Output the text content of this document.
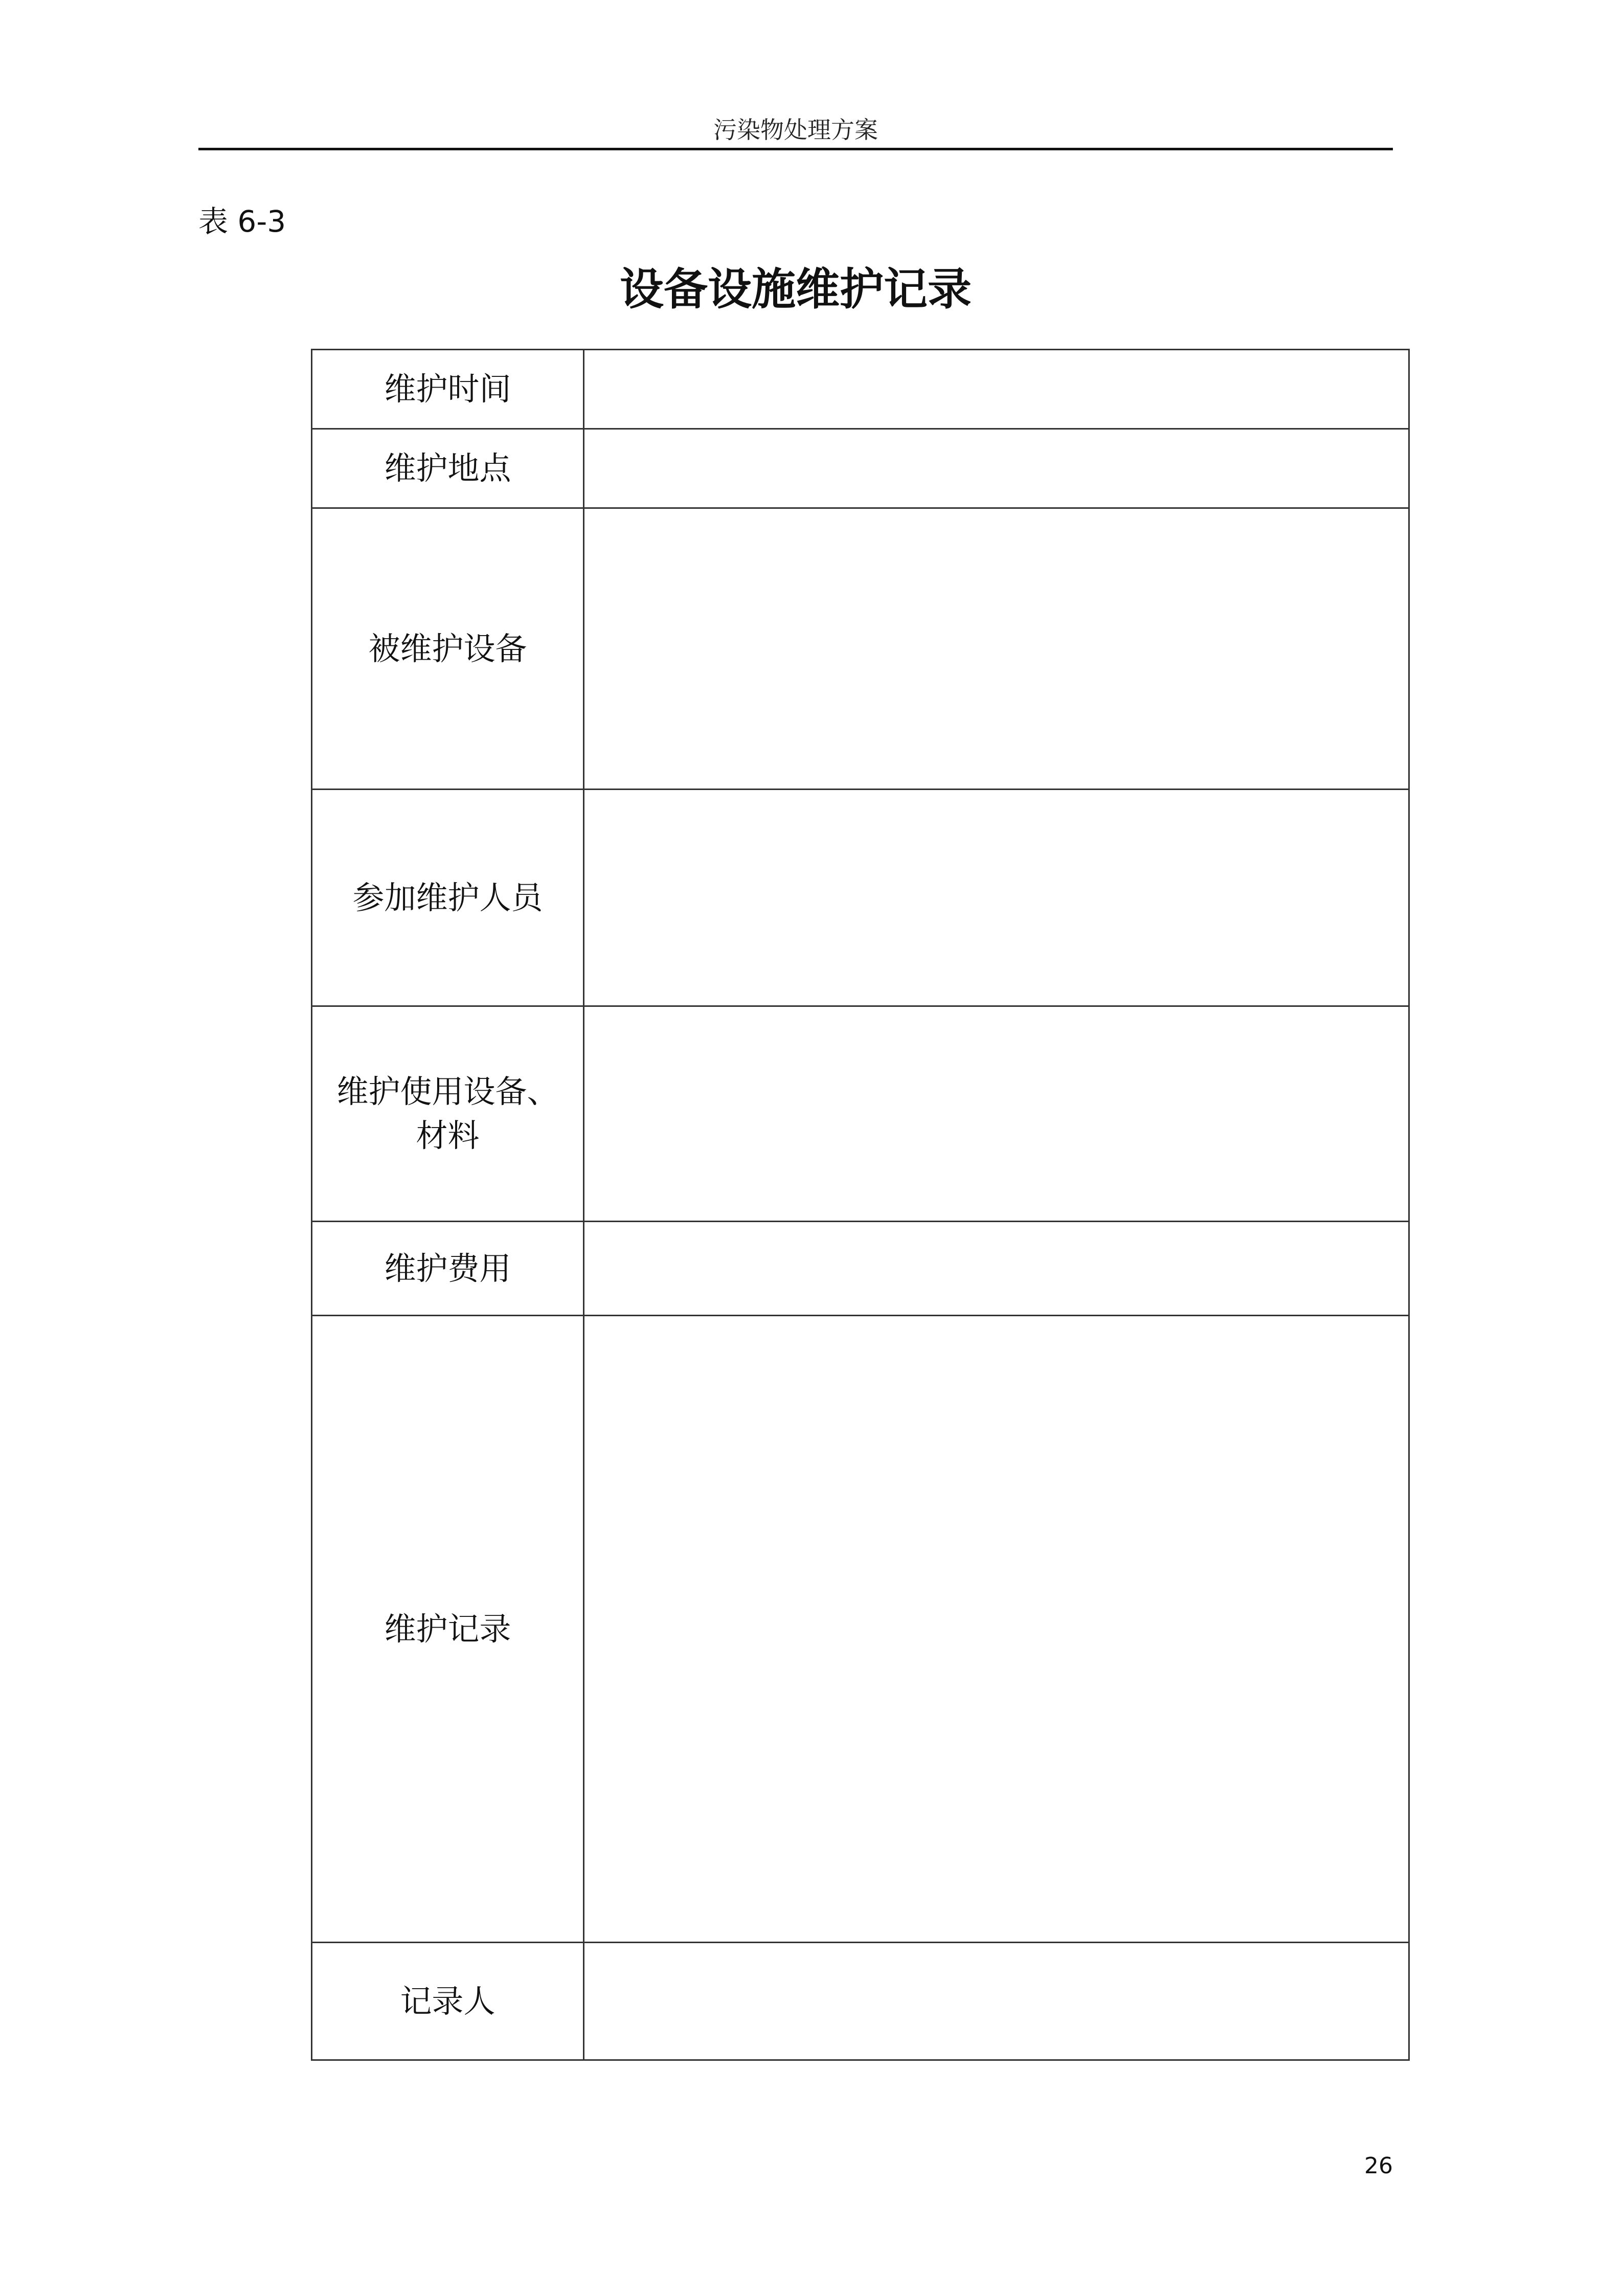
污染物处理方案
表 6-3
设备设施维护记录
维护时间	
维护地点	
被维护设备	
参加维护人员	
维护使用设备、
材料	
维护费用	
维护记录	
记录人	
26
